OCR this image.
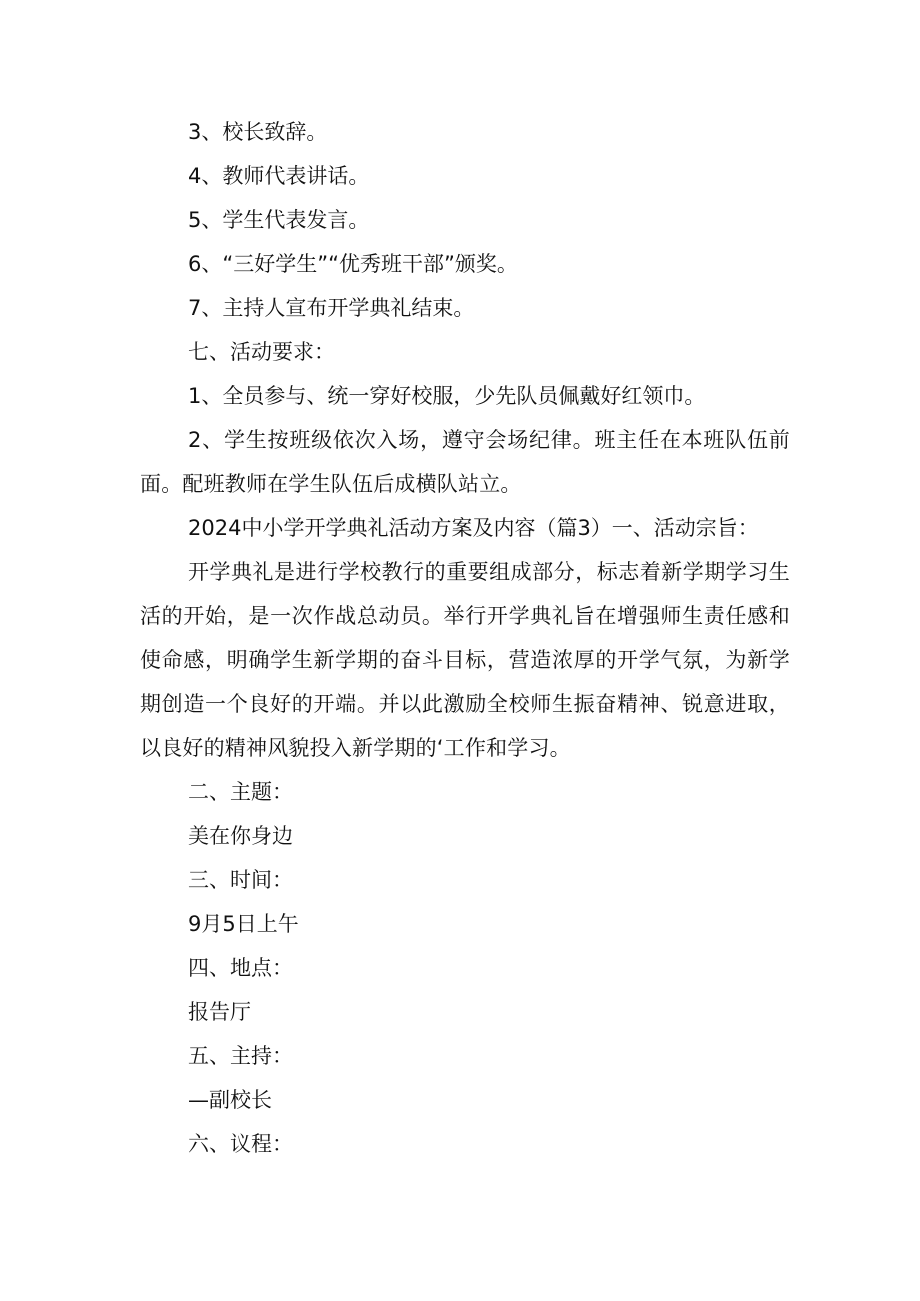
3、校长致辞。

4、教师代表讲话。

5、学生代表发言。

6、“三好学生”“优秀班干部”颁奖。

7、主持人宣布开学典礼结束。

七、活动要求：

1、全员参与、统一穿好校服，少先队员佩戴好红领巾。

2、学生按班级依次入场，遵守会场纪律。班主任在本班队伍前面。配班教师在学生队伍后成横队站立。

2024中小学开学典礼活动方案及内容（篇3）一、活动宗旨：

开学典礼是进行学校教行的重要组成部分，标志着新学期学习生活的开始，是一次作战总动员。举行开学典礼旨在增强师生责任感和使命感，明确学生新学期的奋斗目标，营造浓厚的开学气氛，为新学期创造一个良好的开端。并以此激励全校师生振奋精神、锐意进取，以良好的精神风貌投入新学期的‘工作和学习。

二、主题：

美在你身边

三、时间：

9月5日上午

四、地点：

报告厅

五、主持：

—副校长

六、议程：
